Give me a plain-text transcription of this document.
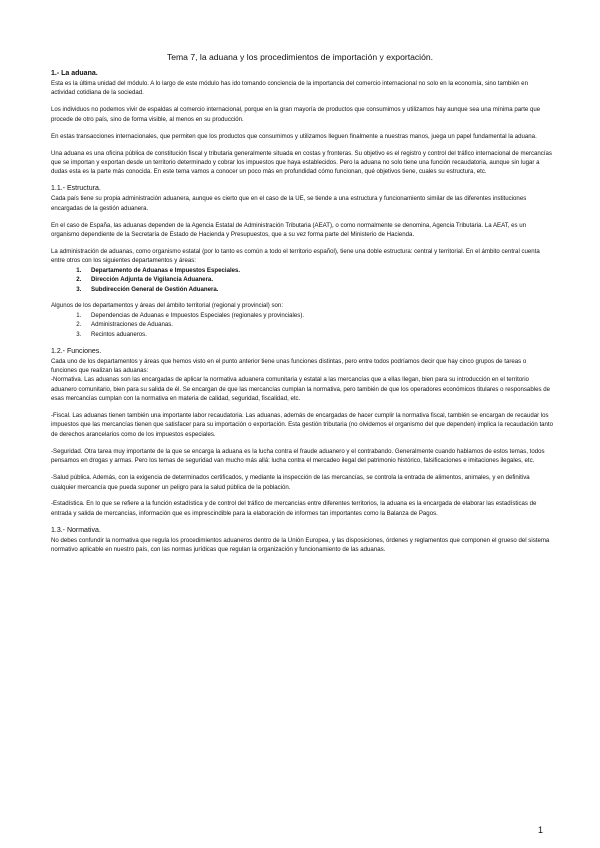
Tema 7, la aduana y los procedimientos de importación y exportación.
1.- La aduana.

Esta es la última unidad del módulo. A lo largo de este módulo has ido tomando conciencia de la importancia del comercio internacional no solo en la economía, sino también en actividad cotidiana de la sociedad.

Los individuos no podemos vivir de espaldas al comercio internacional, porque en la gran mayoría de productos que consumimos y utilizamos hay aunque sea una mínima parte que procede de otro país, sino de forma visible, al menos en su producción.

En estas transacciones internacionales, que permiten que los productos que consumimos y utilizamos lleguen finalmente a nuestras manos, juega un papel fundamental la aduana.

Una aduana es una oficina pública de constitución fiscal y tributaria generalmente situada en costas y fronteras. Su objetivo es el registro y control del tráfico internacional de mercancías que se importan y exportan desde un territorio determinado y cobrar los impuestos que haya establecidos. Pero la aduana no solo tiene una función recaudatoria, aunque sin lugar a dudas esta es la parte más conocida. En este tema vamos a conocer un poco más en profundidad cómo funcionan, qué objetivos tiene, cuales su estructura, etc.

1.1.- Estructura.

Cada país tiene su propia administración aduanera, aunque es cierto que en el caso de la UE, se tiende a una estructura y funcionamiento similar de las diferentes instituciones encargadas de la gestión aduanera.

En el caso de España, las aduanas dependen de la Agencia Estatal de Administración Tributaria (AEAT), o como normalmente se denomina, Agencia Tributaria. La AEAT, es un organismo dependiente de la Secretaría de Estado de Hacienda y Presupuestos, que a su vez forma parte del Ministerio de Hacienda.

La administración de aduanas, como organismo estatal (por lo tanto es común a todo el territorio español), tiene una doble estructura: central y territorial. En el ámbito central cuenta entre otros con los siguientes departamentos y áreas:

1. Departamento de Aduanas e Impuestos Especiales.
2. Dirección Adjunta de Vigilancia Aduanera.
3. Subdirección General de Gestión Aduanera.

Algunos de los departamentos y áreas del ámbito territorial (regional y provincial) son:

1. Dependencias de Aduanas e Impuestos Especiales (regionales y provinciales).
2. Administraciones de Aduanas.
3. Recintos aduaneros.
1.2.- Funciones.

Cada uno de los departamentos y áreas que hemos visto en el punto anterior tiene unas funciones distintas, pero entre todos podríamos decir que hay cinco grupos de tareas o funciones que realizan las aduanas:

-Normativa. Las aduanas son las encargadas de aplicar la normativa aduanera comunitaria y estatal a las mercancías que a ellas llegan, bien para su introducción en el territorio aduanero comunitario, bien para su salida de él. Se encargan de que las mercancías cumplan la normativa, pero también de que los operadores económicos titulares o responsables de esas mercancías cumplan con la normativa en materia de calidad, seguridad, fiscalidad, etc.

-Fiscal. Las aduanas tienen también una importante labor recaudatoria. Las aduanas, además de encargadas de hacer cumplir la normativa fiscal, también se encargan de recaudar los impuestos que las mercancías tienen que satisfacer para su importación o exportación. Esta gestión tributaria (no olvidemos el organismo del que dependen) implica la recaudación tanto de derechos arancelarios como de los impuestos especiales.

-Seguridad. Otra tarea muy importante de la que se encarga la aduana es la lucha contra el fraude aduanero y el contrabando. Generalmente cuando hablamos de estos temas, todos pensamos en drogas y armas. Pero los temas de seguridad van mucho más allá: lucha contra el mercadeo ilegal del patrimonio histórico, falsificaciones e imitaciones ilegales, etc.

-Salud pública. Además, con la exigencia de determinados certificados, y mediante la inspección de las mercancías, se controla la entrada de alimentos, animales, y en definitiva cualquier mercancía que pueda suponer un peligro para la salud pública de la población.

-Estadística. En lo que se refiere a la función estadística y de control del tráfico de mercancías entre diferentes territorios, la aduana es la encargada de elaborar las estadísticas de entrada y salida de mercancías, información que es imprescindible para la elaboración de informes tan importantes como la Balanza de Pagos.

1.3.- Normativa.

No debes confundir la normativa que regula los procedimientos aduaneros dentro de la Unión Europea, y las disposiciones, órdenes y reglamentos que componen el grueso del sistema normativo aplicable en nuestro país, con las normas jurídicas que regulan la organización y funcionamiento de las aduanas.

1
